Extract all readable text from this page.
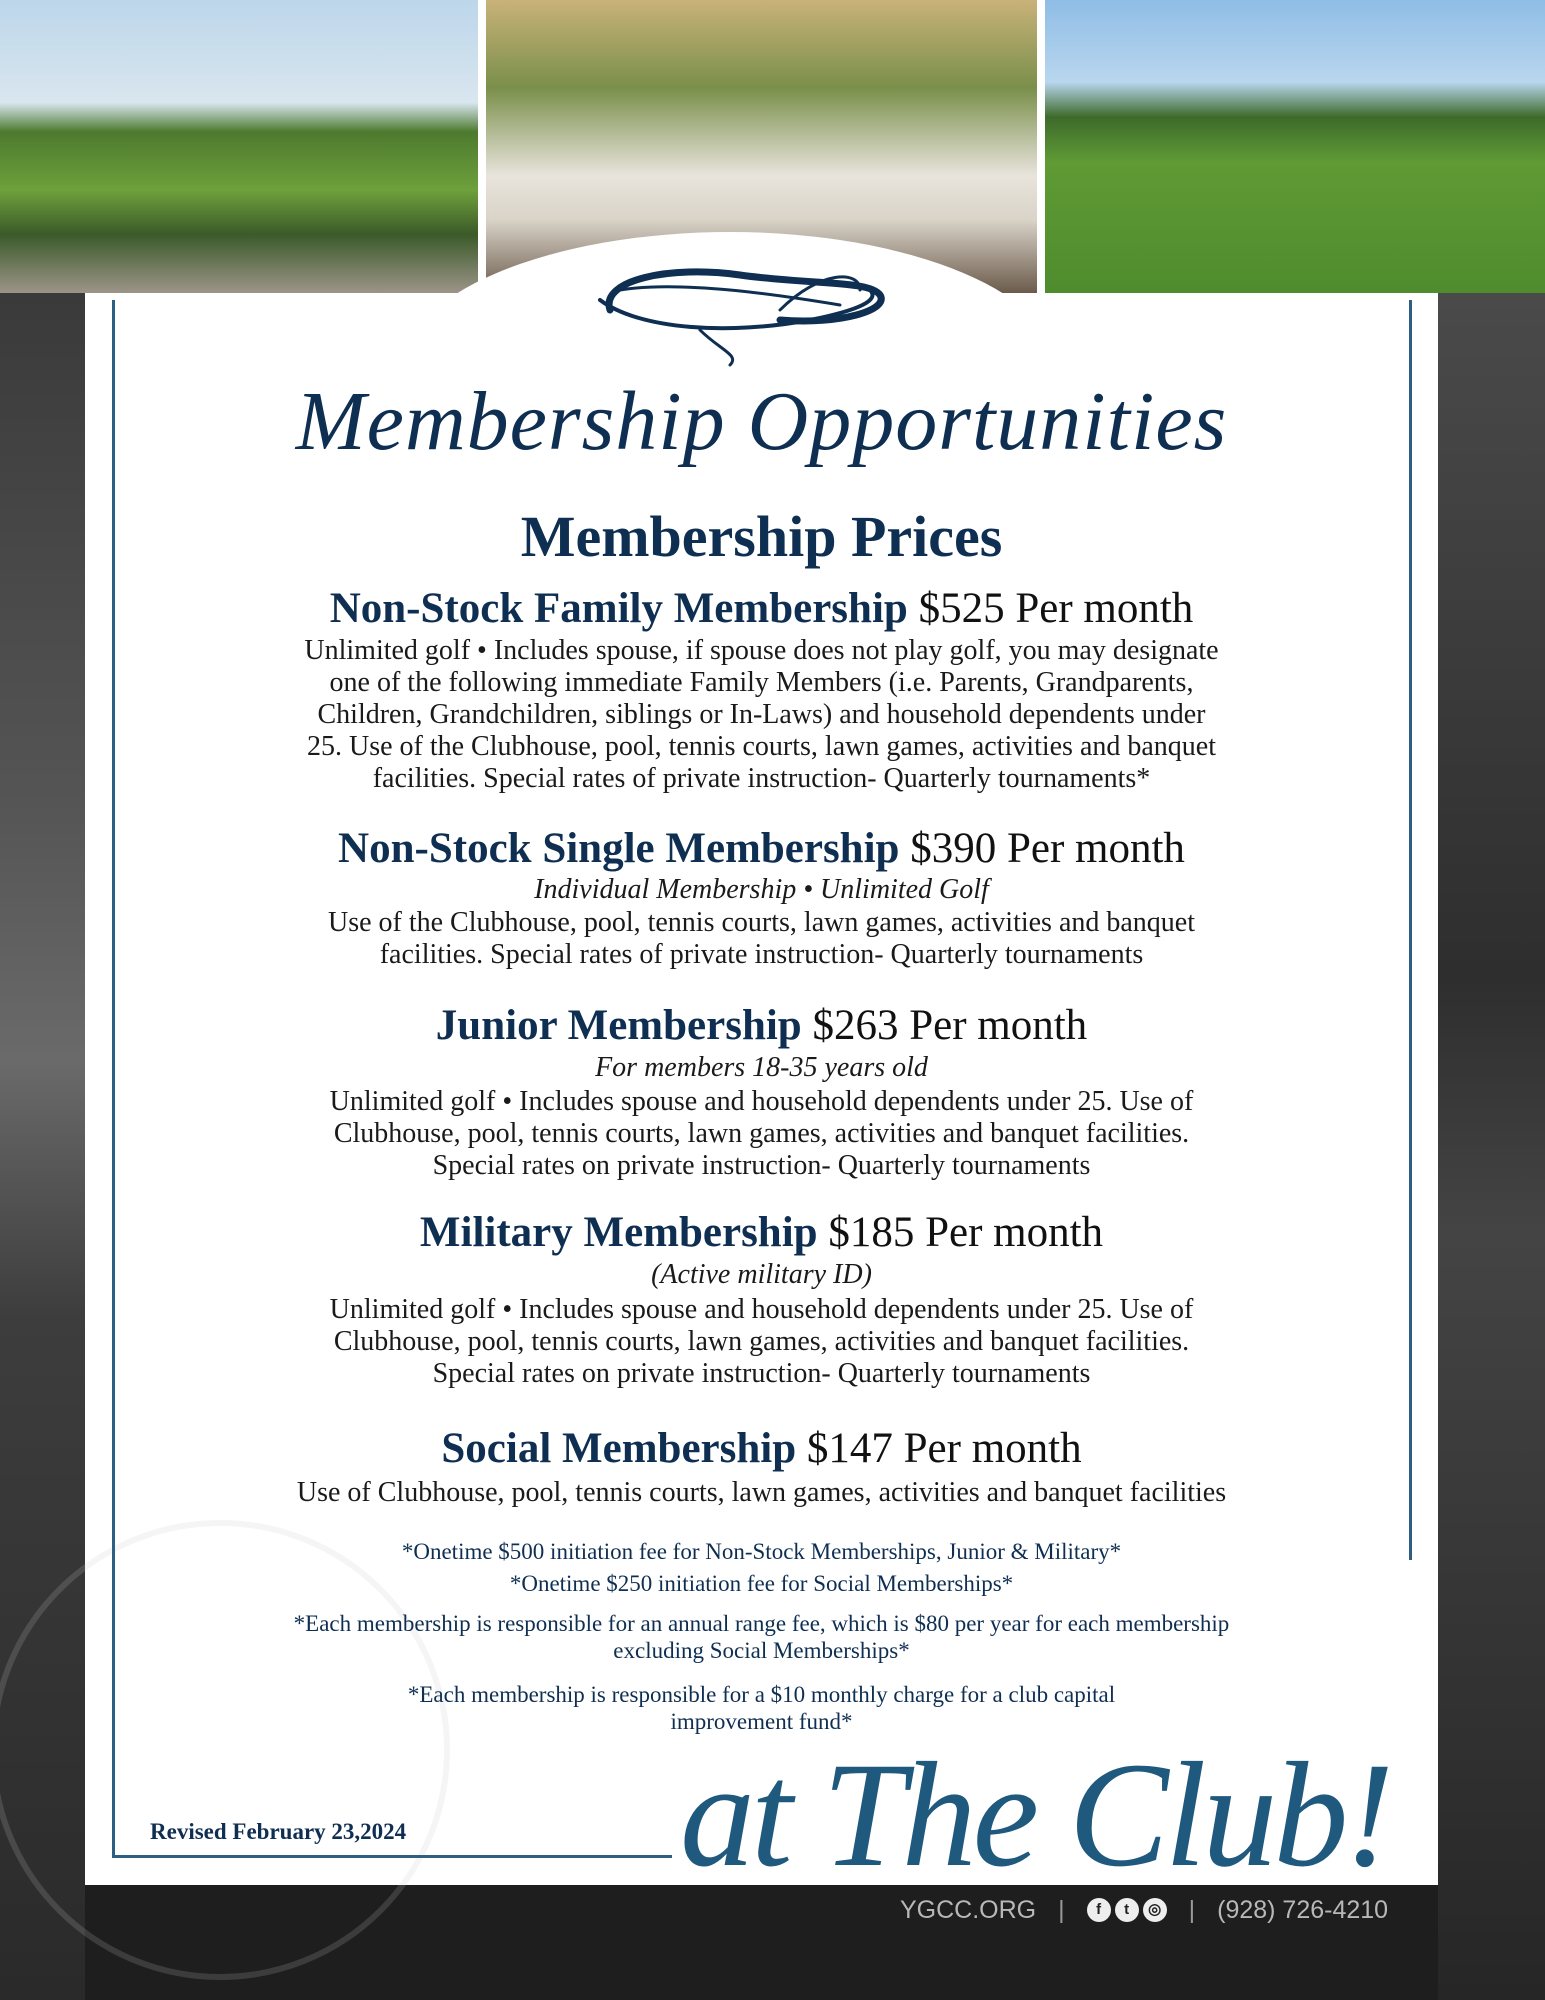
Membership Opportunities
Membership Prices
Non-Stock Family Membership $525 Per month
Unlimited golf • Includes spouse, if spouse does not play golf, you may designate
one of the following immediate Family Members (i.e. Parents, Grandparents,
Children, Grandchildren, siblings or In-Laws) and household dependents under
25. Use of the Clubhouse, pool, tennis courts, lawn games, activities and banquet
facilities. Special rates of private instruction- Quarterly tournaments*
Non-Stock Single Membership $390 Per month
Individual Membership • Unlimited Golf
Use of the Clubhouse, pool, tennis courts, lawn games, activities and banquet
facilities. Special rates of private instruction- Quarterly tournaments
Junior Membership $263 Per month
For members 18-35 years old
Unlimited golf • Includes spouse and household dependents under 25. Use of
Clubhouse, pool, tennis courts, lawn games, activities and banquet facilities.
Special rates on private instruction- Quarterly tournaments
Military Membership $185 Per month
(Active military ID)
Unlimited golf • Includes spouse and household dependents under 25. Use of
Clubhouse, pool, tennis courts, lawn games, activities and banquet facilities.
Special rates on private instruction- Quarterly tournaments
Social Membership $147 Per month
Use of Clubhouse, pool, tennis courts, lawn games, activities and banquet facilities
*Onetime $500 initiation fee for Non-Stock Memberships, Junior & Military*
*Onetime $250 initiation fee for Social Memberships*
*Each membership is responsible for an annual range fee, which is $80 per year for each membership
excluding Social Memberships*
*Each membership is responsible for a $10 monthly charge for a club capital
improvement fund*
Revised February 23,2024 at The Club!
YGCC.ORG |	f	t	◎ | (928) 726-4210
